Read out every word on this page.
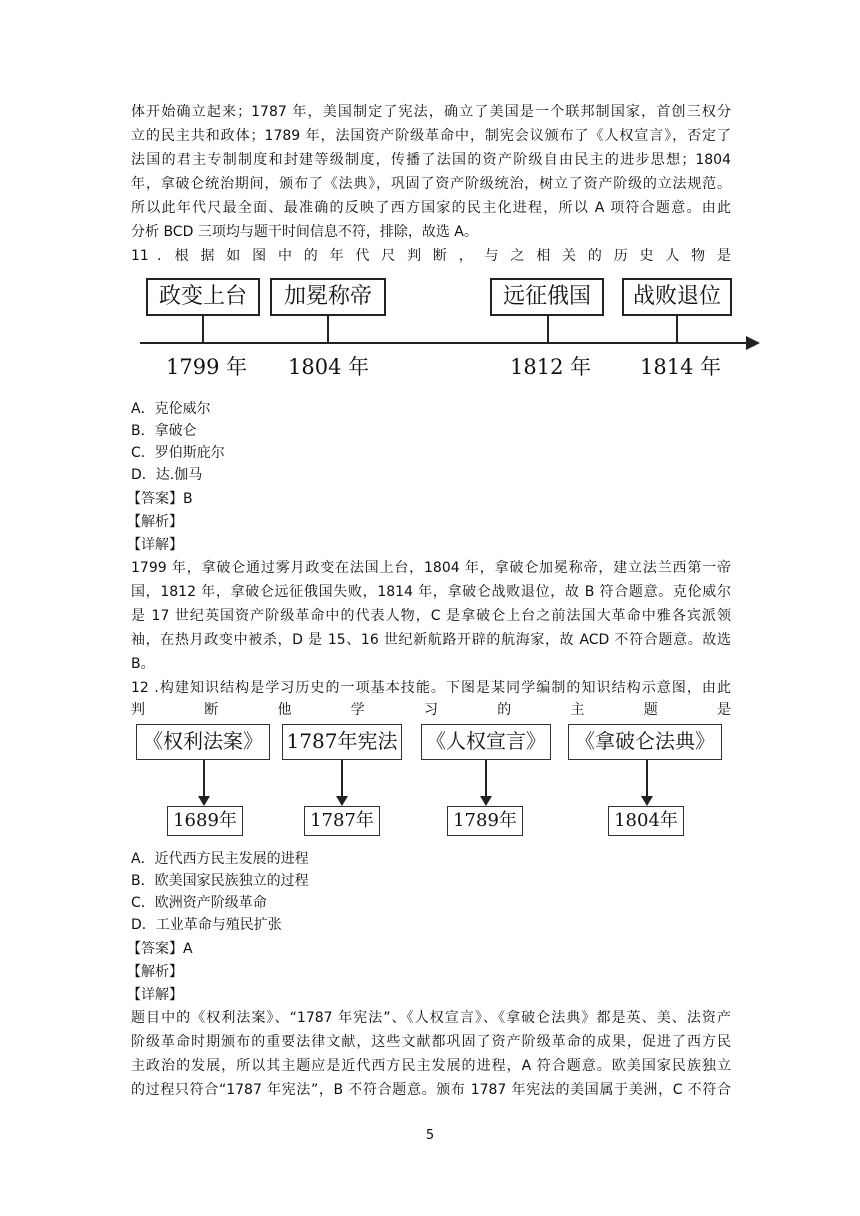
体开始确立起来；1787 年，美国制定了宪法，确立了美国是一个联邦制国家，首创三权分
立的民主共和政体；1789 年，法国资产阶级革命中，制宪会议颁布了《人权宣言》，否定了
法国的君主专制制度和封建等级制度，传播了法国的资产阶级自由民主的进步思想；1804
年，拿破仑统治期间，颁布了《法典》，巩固了资产阶级统治，树立了资产阶级的立法规范。
所以此年代尺最全面、最准确的反映了西方国家的民主化进程，所以 A 项符合题意。由此
分析 BCD 三项均与题干时间信息不符，排除，故选 A。
11 ．根 据 如 图 中 的 年 代 尺 判 断 ， 与 之 相 关 的 历 史 人 物 是
政变上台	加冕称帝	远征俄国	战败退位
1799 年 1804 年	1812 年 1814 年
A．克伦威尔
B．拿破仑
C．罗伯斯庇尔
D．达.伽马
【答案】B
【解析】
【详解】
1799 年，拿破仑通过雾月政变在法国上台，1804 年，拿破仑加冕称帝，建立法兰西第一帝
国，1812 年，拿破仑远征俄国失败，1814 年，拿破仑战败退位，故 B 符合题意。克伦威尔
是 17 世纪英国资产阶级革命中的代表人物，C 是拿破仑上台之前法国大革命中雅各宾派领
袖，在热月政变中被杀，D 是 15、16 世纪新航路开辟的航海家，故 ACD 不符合题意。故选
B。
12 .构建知识结构是学习历史的一项基本技能。下图是某同学编制的知识结构示意图，由此
判 断 他 学 习 的 主 题 是
《权利法案》	1787年宪法 《人权宣言》	《拿破仑法典》
1689年	1787年	1789年	1804年
A．近代西方民主发展的进程
B．欧美国家民族独立的过程
C．欧洲资产阶级革命
D．工业革命与殖民扩张
【答案】A
【解析】
【详解】
题目中的《权利法案》、“1787 年宪法”、《人权宣言》、《拿破仑法典》都是英、美、法资产
阶级革命时期颁布的重要法律文献，这些文献都巩固了资产阶级革命的成果，促进了西方民
主政治的发展，所以其主题应是近代西方民主发展的进程，A 符合题意。欧美国家民族独立
的过程只符合“1787 年宪法”，B 不符合题意。颁布 1787 年宪法的美国属于美洲，C 不符合
5
